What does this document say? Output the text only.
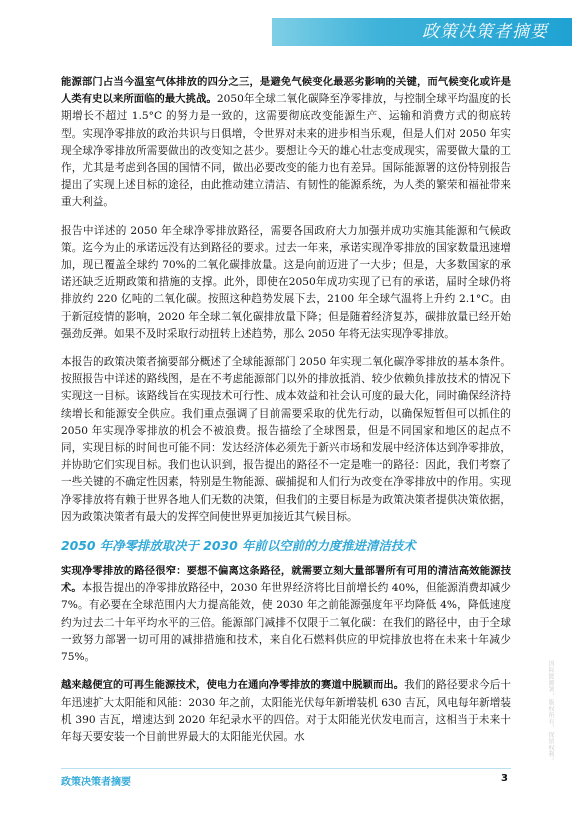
政策决策者摘要

能源部门占当今温室气体排放的四分之三，是避免气候变化最恶劣影响的关键，而气候变化或许是人类有史以来所面临的最大挑战。2050年全球二氧化碳降至净零排放，与控制全球平均温度的长期增长不超过 1.5°C 的努力是一致的，这需要彻底改变能源生产、运输和消费方式的彻底转型。实现净零排放的政治共识与日俱增，令世界对未来的进步相当乐观，但是人们对 2050 年实现全球净零排放所需要做出的改变知之甚少。要想让今天的雄心壮志变成现实，需要做大量的工作，尤其是考虑到各国的国情不同，做出必要改变的能力也有差异。国际能源署的这份特别报告提出了实现上述目标的途径，由此推动建立清洁、有韧性的能源系统，为人类的繁荣和福祉带来重大利益。

报告中详述的 2050 年全球净零排放路径，需要各国政府大力加强并成功实施其能源和气候政策。迄今为止的承诺远没有达到路径的要求。过去一年来，承诺实现净零排放的国家数量迅速增加，现已覆盖全球约 70%的二氧化碳排放量。这是向前迈进了一大步；但是，大多数国家的承诺还缺乏近期政策和措施的支撑。此外，即使在2050年成功实现了已有的承诺，届时全球仍将排放约 220 亿吨的二氧化碳。按照这种趋势发展下去，2100 年全球气温将上升约 2.1°C。由于新冠疫情的影响，2020 年全球二氧化碳排放量下降；但是随着经济复苏，碳排放量已经开始强劲反弹。如果不及时采取行动扭转上述趋势，那么 2050 年将无法实现净零排放。

本报告的政策决策者摘要部分概述了全球能源部门 2050 年实现二氧化碳净零排放的基本条件。按照报告中详述的路线图，是在不考虑能源部门以外的排放抵消、较少依赖负排放技术的情况下实现这一目标。该路线旨在实现技术可行性、成本效益和社会认可度的最大化，同时确保经济持续增长和能源安全供应。我们重点强调了目前需要采取的优先行动，以确保短暂但可以抓住的 2050 年实现净零排放的机会不被浪费。报告描绘了全球图景，但是不同国家和地区的起点不同，实现目标的时间也可能不同：发达经济体必须先于新兴市场和发展中经济体达到净零排放，并协助它们实现目标。我们也认识到，报告提出的路径不一定是唯一的路径：因此，我们考察了一些关键的不确定性因素，特别是生物能源、碳捕捉和人们行为改变在净零排放中的作用。实现净零排放将有赖于世界各地人们无数的决策，但我们的主要目标是为政策决策者提供决策依据，因为政策决策者有最大的发挥空间使世界更加接近其气候目标。

2050 年净零排放取决于 2030 年前以空前的力度推进清洁技术

实现净零排放的路径很窄：要想不偏离这条路径，就需要立刻大量部署所有可用的清洁高效能源技术。本报告提出的净零排放路径中，2030 年世界经济将比目前增长约 40%，但能源消费却减少 7%。有必要在全球范围内大力提高能效，使 2030 年之前能源强度年平均降低 4%，降低速度约为过去二十年平均水平的三倍。能源部门减排不仅限于二氧化碳：在我们的路径中，由于全球一致努力部署一切可用的减排措施和技术，来自化石燃料供应的甲烷排放也将在未来十年减少 75%。

越来越便宜的可再生能源技术，使电力在通向净零排放的赛道中脱颖而出。我们的路径要求今后十年迅速扩大太阳能和风能：2030 年之前，太阳能光伏每年新增装机 630 吉瓦，风电每年新增装机 390 吉瓦，增速达到 2020 年纪录水平的四倍。对于太阳能光伏发电而言，这相当于未来十年每天要安装一个目前世界最大的太阳能光伏园。水

政策决策者摘要	3
国际能源署，版权所有，保留权利。
